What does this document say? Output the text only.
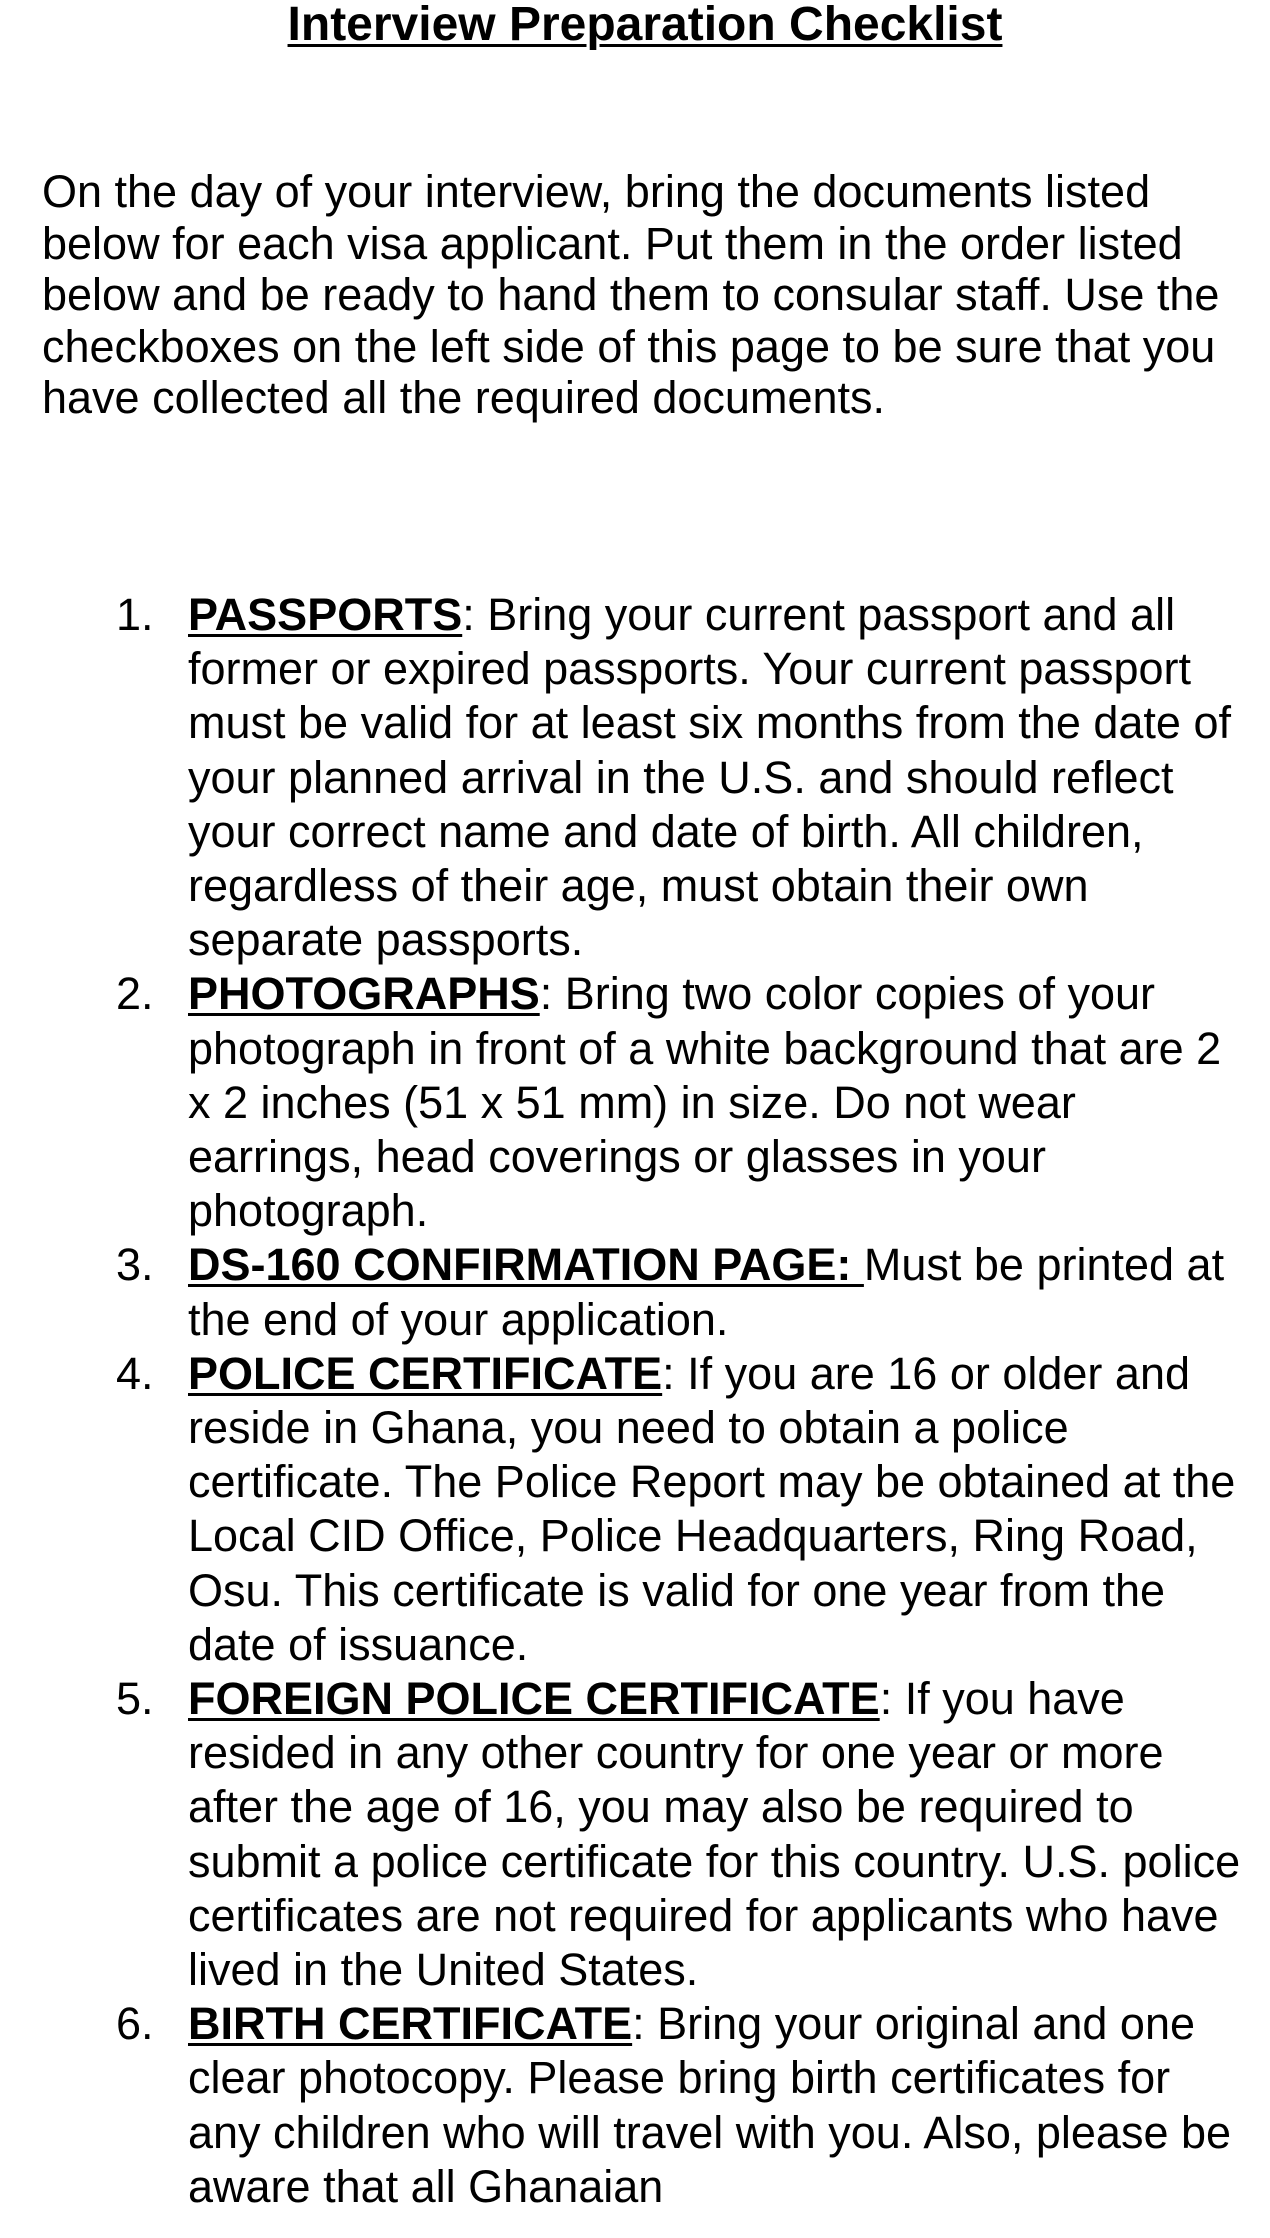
Interview Preparation Checklist

On the day of your interview, bring the documents listed below for each visa applicant. Put them in the order listed below and be ready to hand them to consular staff. Use the checkboxes on the left side of this page to be sure that you have collected all the required documents.

1. PASSPORTS: Bring your current passport and all former or expired passports. Your current passport must be valid for at least six months from the date of your planned arrival in the U.S. and should reflect your correct name and date of birth. All children, regardless of their age, must obtain their own separate passports.
2. PHOTOGRAPHS: Bring two color copies of your photograph in front of a white background that are 2 x 2 inches (51 x 51 mm) in size. Do not wear earrings, head coverings or glasses in your photograph.
3. DS-160 CONFIRMATION PAGE: Must be printed at the end of your application.
4. POLICE CERTIFICATE: If you are 16 or older and reside in Ghana, you need to obtain a police certificate. The Police Report may be obtained at the Local CID Office, Police Headquarters, Ring Road, Osu. This certificate is valid for one year from the date of issuance.
5. FOREIGN POLICE CERTIFICATE: If you have resided in any other country for one year or more after the age of 16, you may also be required to submit a police certificate for this country. U.S. police certificates are not required for applicants who have lived in the United States.
6. BIRTH CERTIFICATE: Bring your original and one clear photocopy. Please bring birth certificates for any children who will travel with you. Also, please be aware that all Ghanaian
